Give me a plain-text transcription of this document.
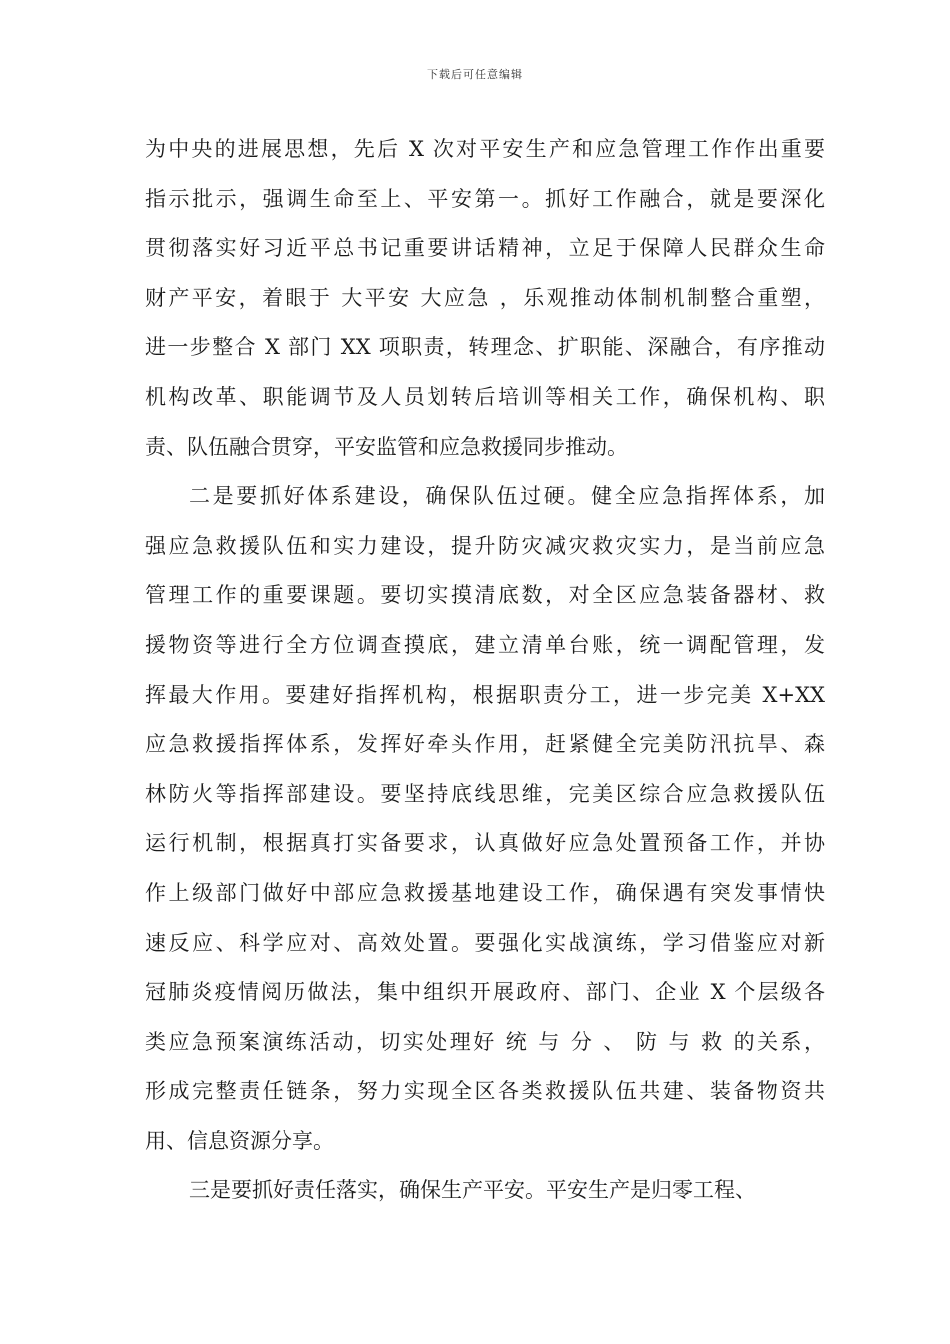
下载后可任意编辑
为中央的进展思想，先后 X 次对平安生产和应急管理工作作出重要
指示批示，强调生命至上、平安第一。抓好工作融合，就是要深化
贯彻落实好习近平总书记重要讲话精神，立足于保障人民群众生命
财产平安，着眼于 大平安 大应急 ，乐观推动体制机制整合重塑，
进一步整合 X 部门 XX 项职责，转理念、扩职能、深融合，有序推动
机构改革、职能调节及人员划转后培训等相关工作，确保机构、职
责、队伍融合贯穿，平安监管和应急救援同步推动。
二是要抓好体系建设，确保队伍过硬。健全应急指挥体系，加
强应急救援队伍和实力建设，提升防灾减灾救灾实力，是当前应急
管理工作的重要课题。要切实摸清底数，对全区应急装备器材、救
援物资等进行全方位调查摸底，建立清单台账，统一调配管理，发
挥最大作用。要建好指挥机构，根据职责分工，进一步完美 X+XX
应急救援指挥体系，发挥好牵头作用，赶紧健全完美防汛抗旱、森
林防火等指挥部建设。要坚持底线思维，完美区综合应急救援队伍
运行机制，根据真打实备要求，认真做好应急处置预备工作，并协
作上级部门做好中部应急救援基地建设工作，确保遇有突发事情快
速反应、科学应对、高效处置。要强化实战演练，学习借鉴应对新
冠肺炎疫情阅历做法，集中组织开展政府、部门、企业 X 个层级各
类应急预案演练活动，切实处理好 统 与 分 、 防 与 救 的关系，
形成完整责任链条，努力实现全区各类救援队伍共建、装备物资共
用、信息资源分享。
三是要抓好责任落实，确保生产平安。平安生产是归零工程、
